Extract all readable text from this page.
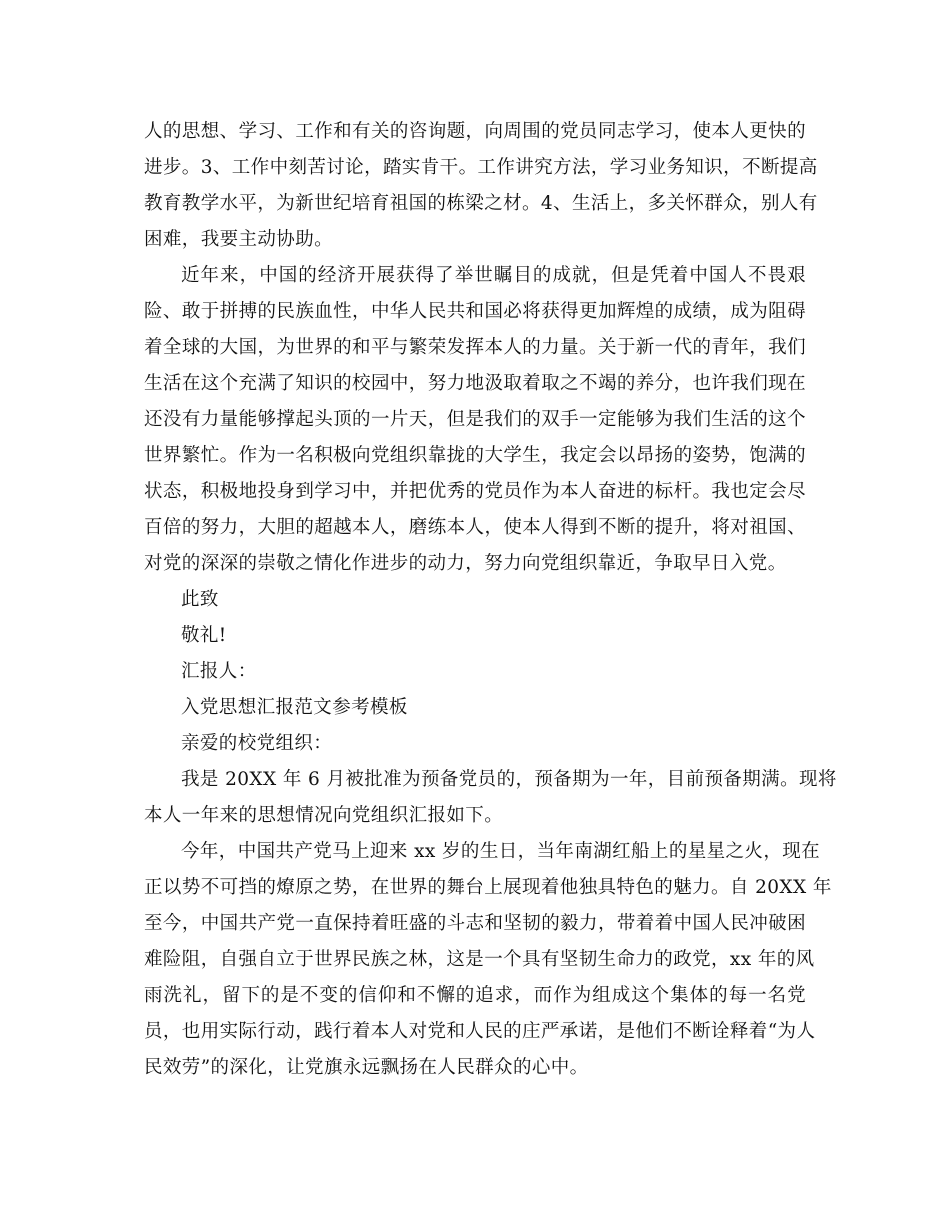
人的思想、学习、工作和有关的咨询题，向周围的党员同志学习，使本人更快的
进步。3、工作中刻苦讨论，踏实肯干。工作讲究方法，学习业务知识，不断提高
教育教学水平，为新世纪培育祖国的栋梁之材。4、生活上，多关怀群众，别人有
困难，我要主动协助。
近年来，中国的经济开展获得了举世瞩目的成就，但是凭着中国人不畏艰
险、敢于拼搏的民族血性，中华人民共和国必将获得更加辉煌的成绩，成为阻碍
着全球的大国，为世界的和平与繁荣发挥本人的力量。关于新一代的青年，我们
生活在这个充满了知识的校园中，努力地汲取着取之不竭的养分，也许我们现在
还没有力量能够撑起头顶的一片天，但是我们的双手一定能够为我们生活的这个
世界繁忙。作为一名积极向党组织靠拢的大学生，我定会以昂扬的姿势，饱满的
状态，积极地投身到学习中，并把优秀的党员作为本人奋进的标杆。我也定会尽
百倍的努力，大胆的超越本人，磨练本人，使本人得到不断的提升，将对祖国、
对党的深深的崇敬之情化作进步的动力，努力向党组织靠近，争取早日入党。
此致
敬礼!
汇报人：
入党思想汇报范文参考模板
亲爱的校党组织：
我是 20XX 年 6 月被批准为预备党员的，预备期为一年，目前预备期满。现将
本人一年来的思想情况向党组织汇报如下。
今年，中国共产党马上迎来 xx 岁的生日，当年南湖红船上的星星之火，现在
正以势不可挡的燎原之势，在世界的舞台上展现着他独具特色的魅力。自 20XX 年
至今，中国共产党一直保持着旺盛的斗志和坚韧的毅力，带着着中国人民冲破困
难险阻，自强自立于世界民族之林，这是一个具有坚韧生命力的政党，xx 年的风
雨洗礼，留下的是不变的信仰和不懈的追求，而作为组成这个集体的每一名党
员，也用实际行动，践行着本人对党和人民的庄严承诺，是他们不断诠释着“为人
民效劳”的深化，让党旗永远飘扬在人民群众的心中。
